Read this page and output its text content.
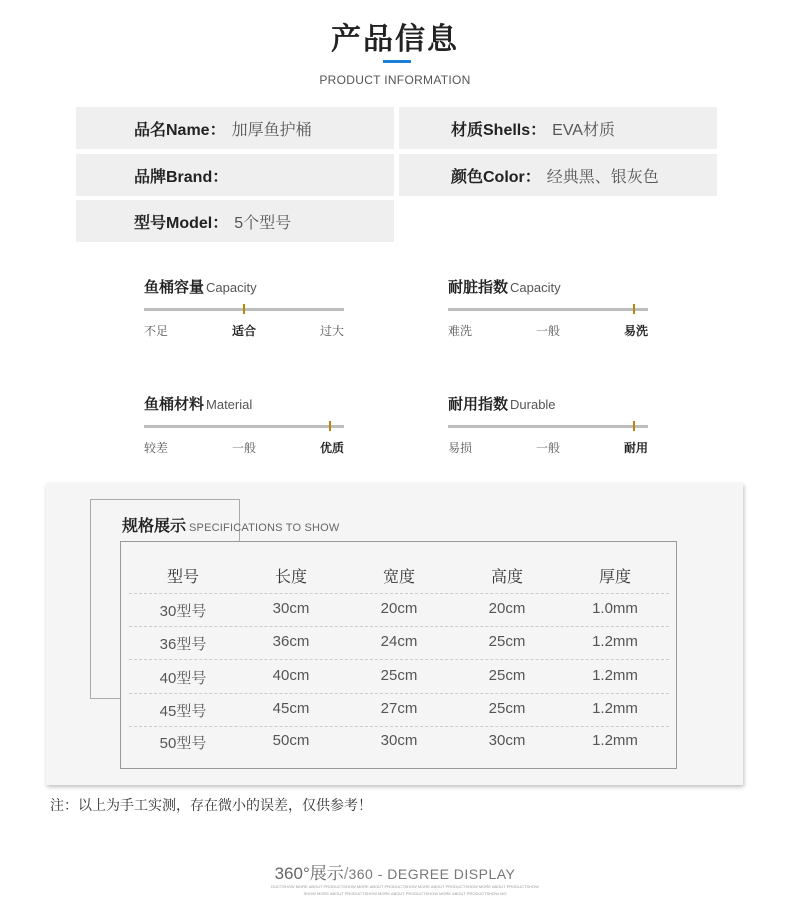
产品信息
PRODUCT INFORMATION
品名Name： 加厚鱼护桶	材质Shells： EVA材质
品牌Brand：	颜色Color： 经典黑、银灰色
型号Model： 5个型号
鱼桶容量 Capacity
不足	适合	过大
耐脏指数 Capacity
难洗	一般	易洗
鱼桶材料 Material
较差	一般	优质
耐用指数 Durable
易损	一般	耐用
规格展示 SPECIFICATIONS TO SHOW
型号	长度	宽度	高度	厚度
30型号	30cm	20cm	20cm	1.0mm
36型号	36cm	24cm	25cm	1.2mm
40型号	40cm	25cm	25cm	1.2mm
45型号	45cm	27cm	25cm	1.2mm
50型号	50cm	30cm	30cm	1.2mm
注：以上为手工实测，存在微小的误差，仅供参考！
360°展示/360 - DEGREE DISPLAY
DUCTSHOW MORE ABOUT PRODUCTSHOW MORE ABOUT PRODUCTSHOW MORE ABOUT PRODUCTSHOW MORE ABOUT PRODUCTSHOW
SHOW MORE ABOUT PRODUCTSHOW MORE ABOUT PRODUCTSHOW MORE ABOUT PRODUCTSHOW MO
